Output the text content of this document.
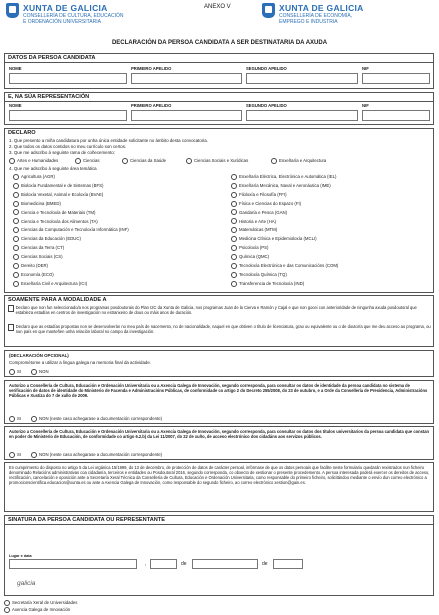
XUNTA DE GALICIA
CONSELLERÍA DE CULTURA, EDUCACIÓN
E ORDENACIÓN UNIVERSITARIA
ANEXO V	XUNTA DE GALICIA
CONSELLERÍA DE ECONOMÍA,
EMPREGO E INDUSTRIA
DECLARACIÓN DA PERSOA CANDIDATA A SER DESTINATARIA DA AXUDA
DATOS DA PERSOA CANDIDATA
NOME	PRIMEIRO APELIDO	SEGUNDO APELIDO	NIF
E, NA SÚA REPRESENTACIÓN
NOME	PRIMEIRO APELIDO	SEGUNDO APELIDO	NIF
DECLARO
1. Que presento a miña candidatura por unha única entidade solicitante no ámbito desta convocatoria.
2. Que todos os datos contidos no meu currículo son certos.
3. Que me adscribo á seguinte rama de coñecemento:
Artes e Humanidades	Ciencias	Ciencias da Saúde	Ciencias Sociais e Xurídicas	Enxeñaría e Arquitectura
4. Que me adscribo á seguinte área temática
Agricultura (AGR)
Bioloxía Fundamental e de Sistemas (BFS)
Bioloxía Vexetal, Animal e Ecoloxía (BVAE)
Biomedicina (BMED)
Ciencia e Tecnoloxía de Materiais (TM)
Ciencia e Tecnoloxía dos Alimentos (TA)
Ciencias da Computación e Tecnoloxía Informática (INF)
Ciencias da Educación (EDUC)
Ciencias da Terra (CT)
Ciencias Sociais (CS)
Dereito (DER)
Economía (ECO)
Enxeñaría Civil e Arquitectura (ICI)
Enxeñaría Eléctrica, Electrónica e Automática (IEL)
Enxeñaría Mecánica, Naval e Aeronáutica (IME)
Filoloxía e Filosofía (FFI)
Física e Ciencias do Espazo (FI)
Gandaría e Pesca (GAN)
Historia e Arte (HA)
Matemáticas (MTM)
Medicina Clínica e Epidemioloxía (MCLI)
Psicoloxía (PS)
Química (QMC)
Tecnoloxía Electrónica e das Comunicacións (COM)
Tecnoloxía Química (TQ)
Transferencia de Tecnoloxía (IND)
SOAMENTE PARA A MODALIDADE A
Declaro que non fun seleccionado/a nos programas posdoutorais do Plan I2C da Xunta de Galicia, nos programas Juan de la Cierva e Ramón y Cajal e que non gocei con anterioridade de ningunha axuda posdoutoral que estableza estadías en centros de investigación no estranxeiro de dous ou máis anos de duración.
Declaro que as estadías propostas non se desenvolverán no meu país de nacemento, no de nacionalidade, naquel en que obtiven o título de licenciatura, grao ou equivalente ou o de doutor/a que me deu acceso ao programa, ou nun país en que manteñen unha relación laboral no campo da investigación.
(DECLARACIÓN OPCIONAL)
Comprométome a utilizar a lingua galega na memoria final da actividade.
SI	NON
Autorizo a Consellería de Cultura, Educación e Ordenación Universitaria ou a Axencia Galega de Innovación, segundo corresponda, para consultar os datos de identidade da persoa candidata no sistema de verificación de datos de identidade do Ministerio de Facenda e Administracións Públicas, de conformidade co artigo 2 do Decreto 255/2008, do 23 de outubro, e a Orde da Consellería de Presidencia, Administracións Públicas e Xustiza do 7 de xullo de 2009.
SI	NON (neste caso achegarase a documentación correspondente)
Autorizo a Consellería de Cultura, Educación e Ordenación Universitaria ou a Axencia Galega de Innovación, segundo corresponda, para consultar os datos dos títulos universitarios da persoa candidata que constan en poder do Ministerio de Educación, de conformidade co artigo 6.2.b) da Lei 11/2007, do 22 de xuño, de acceso electrónico dos cidadáns aos servizos públicos.
SI	NON (neste caso achegarase a documentación correspondente)
En cumprimento do disposto no artigo 5 da Lei orgánica 15/1999, do 13 de decembro, de protección de datos de carácter persoal, infórmase de que os datos persoais que facilite neste formulario quedarán rexistrados nun ficheiro denominado Relacións administrativas coa cidadanía, terceiros e entidades ou Posdoutoral 2016, segundo corresponda, co obxecto de xestionar o presente procedemento. A persoa interesada poderá exercer os dereitos de acceso, rectificación, cancelación e oposición ante a Secretaría Xeral Técnica da Consellería de Cultura, Educación e Ordenación Universitaria, como responsable do primeiro ficheiro, solicitándoo mediante o envío dun correo electrónico a promocionscientifica.educacion@xunta.es ou ante a Axencia Galega de Innovación, como responsable do segundo ficheiro, ao correo electrónico xestion@gain.es.
SINATURA DA PERSOA CANDIDATA OU REPRESENTANTE
Lugar e data
,	de	de
galicia
Secretaría Xeral de Universidades
Axencia Galega de Innovación
